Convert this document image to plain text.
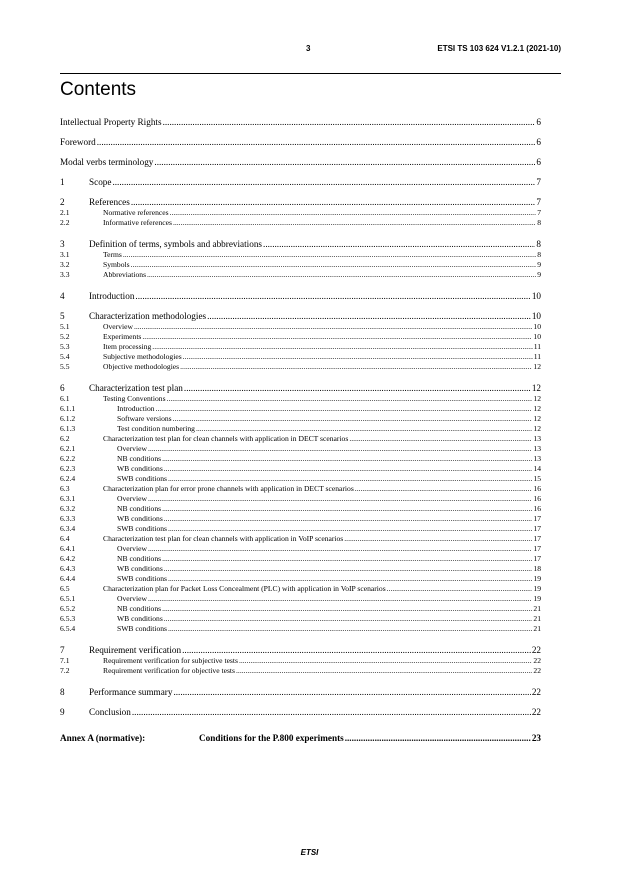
3	ETSI TS 103 624 V1.2.1 (2021-10)
Contents
Intellectual Property Rights .....	6
Foreword .....	6
Modal verbs terminology .....	6
1	Scope .....	7
2	References .....	7
2.1	Normative references .....	7
2.2	Informative references .....	8
3	Definition of terms, symbols and abbreviations .....	8
3.1	Terms .....	8
3.2	Symbols .....	9
3.3	Abbreviations .....	9
4	Introduction .....	10
5	Characterization methodologies .....	10
5.1	Overview .....	10
5.2	Experiments .....	10
5.3	Item processing .....	11
5.4	Subjective methodologies .....	11
5.5	Objective methodologies .....	12
6	Characterization test plan .....	12
6.1	Testing Conventions .....	12
6.1.1	Introduction .....	12
6.1.2	Software versions .....	12
6.1.3	Test condition numbering .....	12
6.2	Characterization test plan for clean channels with application in DECT scenarios .....	13
6.2.1	Overview .....	13
6.2.2	NB conditions .....	13
6.2.3	WB conditions .....	14
6.2.4	SWB conditions .....	15
6.3	Characterization plan for error prone channels with application in DECT scenarios .....	16
6.3.1	Overview .....	16
6.3.2	NB conditions .....	16
6.3.3	WB conditions .....	17
6.3.4	SWB conditions .....	17
6.4	Characterization test plan for clean channels with application in VoIP scenarios .....	17
6.4.1	Overview .....	17
6.4.2	NB conditions .....	17
6.4.3	WB conditions .....	18
6.4.4	SWB conditions .....	19
6.5	Characterization plan for Packet Loss Concealment (PLC) with application in VoIP scenarios .....	19
6.5.1	Overview .....	19
6.5.2	NB conditions .....	21
6.5.3	WB conditions .....	21
6.5.4	SWB conditions .....	21
7	Requirement verification .....	22
7.1	Requirement verification for subjective tests .....	22
7.2	Requirement verification for objective tests .....	22
8	Performance summary .....	22
9	Conclusion .....	22
Annex A (normative):	Conditions for the P.800 experiments .....	23
ETSI
